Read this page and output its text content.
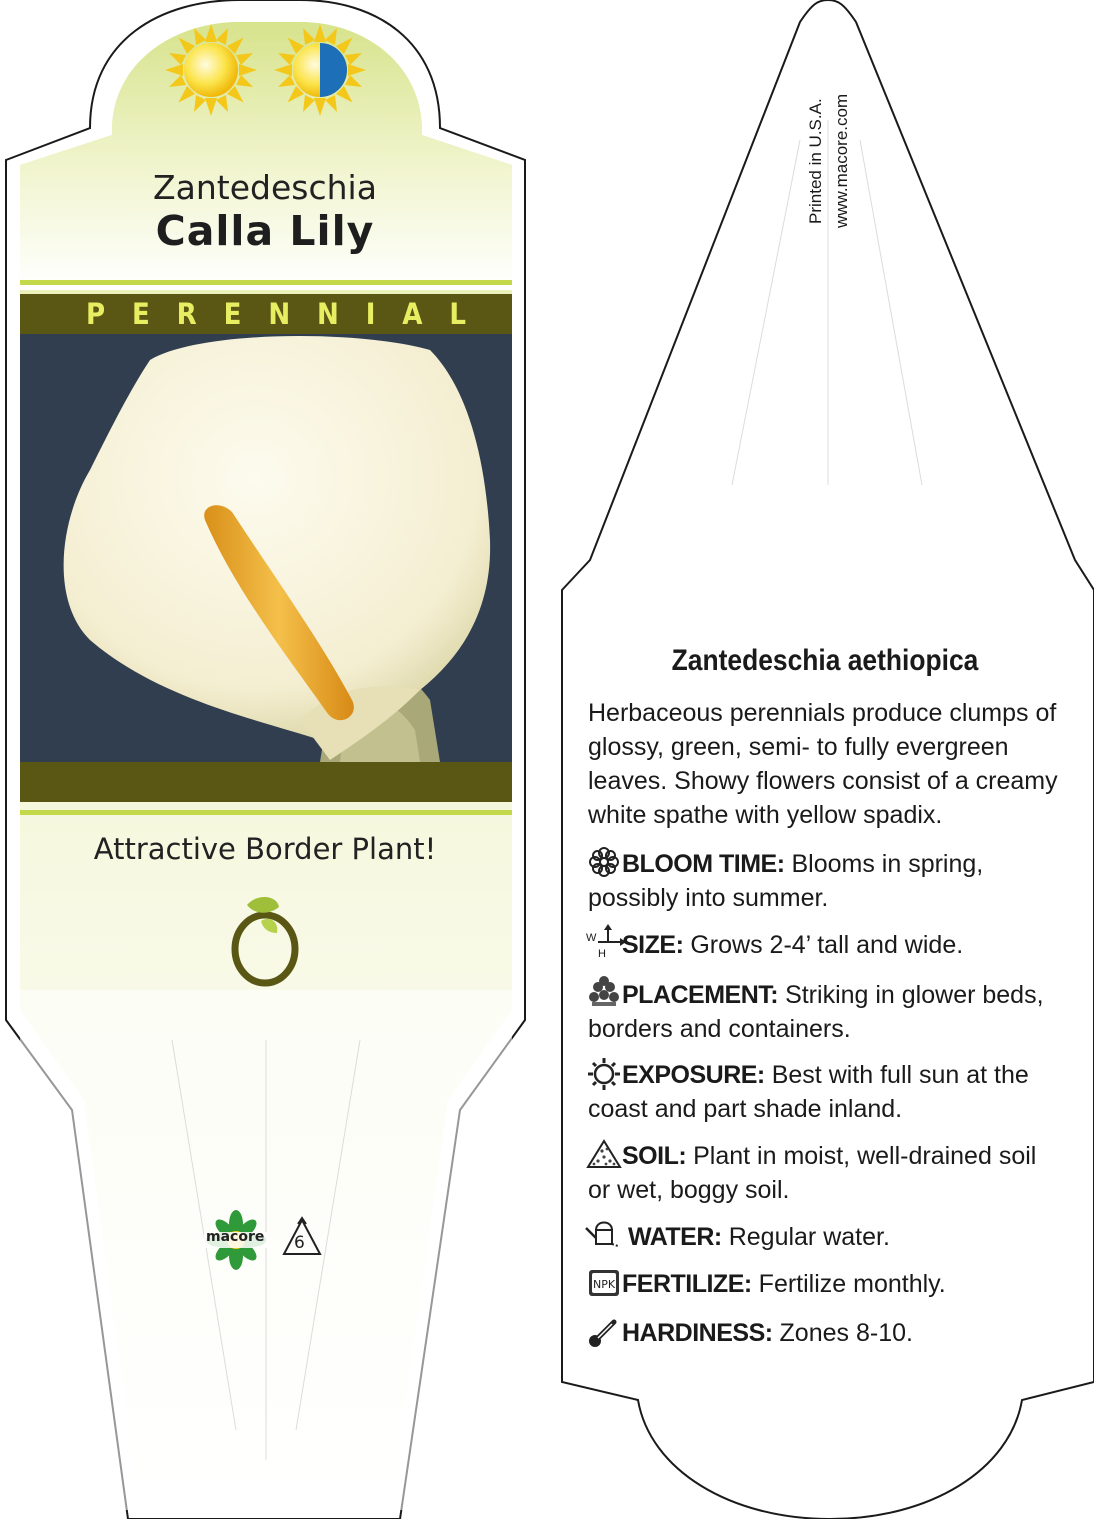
NPK
Zantedeschia
Calla Lily
P E R E N N I A L
Attractive Border Plant!
macore 6
Printed in U.S.A. www.macore.com
Zantedeschia aethiopica
Herbaceous perennials produce clumps of glossy, green, semi- to fully evergreen leaves. Showy flowers consist of a creamy white spathe with yellow spadix.
BLOOM TIME: Blooms in spring, possibly into summer.
W
H SIZE: Grows 2-4’ tall and wide.
PLACEMENT: Striking in glower beds, borders and containers.
EXPOSURE: Best with full sun at the coast and part shade inland.
SOIL: Plant in moist, well-drained soil or wet, boggy soil.
WATER: Regular water.
FERTILIZE: Fertilize monthly.
HARDINESS: Zones 8-10.
